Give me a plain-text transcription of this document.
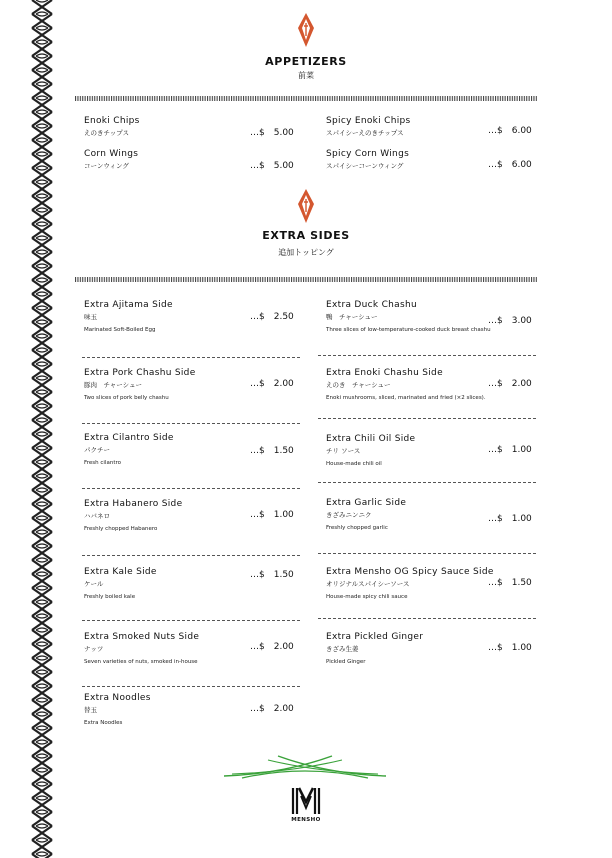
APPETIZERS
前菜
Enoki Chips
えのきチップス	…$ 5.00
Spicy Enoki Chips
スパイシーえのきチップス	…$ 6.00
Corn Wings
コーンウィング	…$ 5.00
Spicy Corn Wings
スパイシーコーンウィング	…$ 6.00
EXTRA SIDES
追加トッピング
Extra Ajitama Side
味玉
Marinated Soft-Boiled Egg
…$ 2.50
Extra Pork Chashu Side
豚肉　チャーシュー
Two slices of pork belly chashu
…$ 2.00
Extra Cilantro Side
パクチー
Fresh cilantro
…$ 1.50
Extra Habanero Side
ハバネロ
Freshly chopped Habanero
…$ 1.00
Extra Kale Side
ケール
Freshly boiled kale
…$ 1.50
Extra Smoked Nuts Side
ナッツ
Seven varieties of nuts, smoked in-house
…$ 2.00
Extra Noodles
替玉
Extra Noodles
…$ 2.00
Extra Duck Chashu
鴨　チャーシュー
Three slices of low-temperature-cooked duck breast chashu
…$ 3.00
Extra Enoki Chashu Side
えのき　チャーシュー
Enoki mushrooms, sliced, marinated and fried (×2 slices).
…$ 2.00
Extra Chili Oil Side
チリ ソース
House-made chili oil
…$ 1.00
Extra Garlic Side
きざみニンニク
Freshly chopped garlic
…$ 1.00
Extra Mensho OG Spicy Sauce Side
オリジナルスパイシーソース
House-made spicy chili sauce
…$ 1.50
Extra Pickled Ginger
きざみ生姜
Pickled Ginger
…$ 1.00
MENSHO
